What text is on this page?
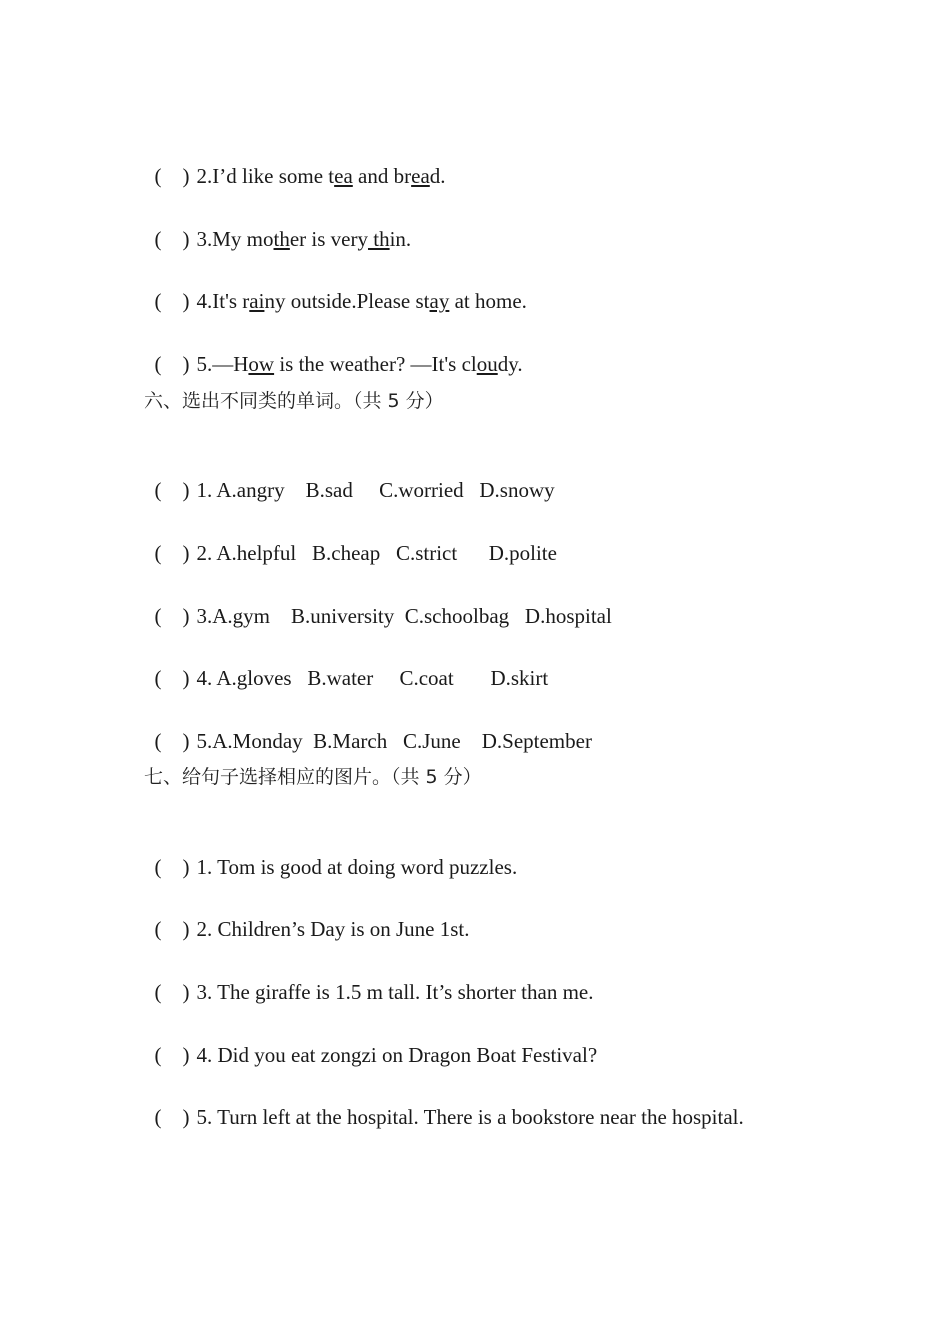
(    ) 2.I’d like some tea and bread.

(    ) 3.My mother is very thin.

(    ) 4.It's rainy outside.Please stay at home.

(    ) 5.—How is the weather? —It's cloudy.

六、选出不同类的单词。（共 5 分）

(    ) 1. A.angry    B.sad     C.worried   D.snowy

(    ) 2. A.helpful   B.cheap   C.strict      D.polite

(    ) 3.A.gym    B.university  C.schoolbag   D.hospital

(    ) 4. A.gloves   B.water     C.coat       D.skirt

(    ) 5.A.Monday  B.March   C.June    D.September

七、给句子选择相应的图片。（共 5 分）

(    ) 1. Tom is good at doing word puzzles.

(    ) 2. Children’s Day is on June 1st.

(    ) 3. The giraffe is 1.5 m tall. It’s shorter than me.

(    ) 4. Did you eat zongzi on Dragon Boat Festival?

(    ) 5. Turn left at the hospital. There is a bookstore near the hospital.
